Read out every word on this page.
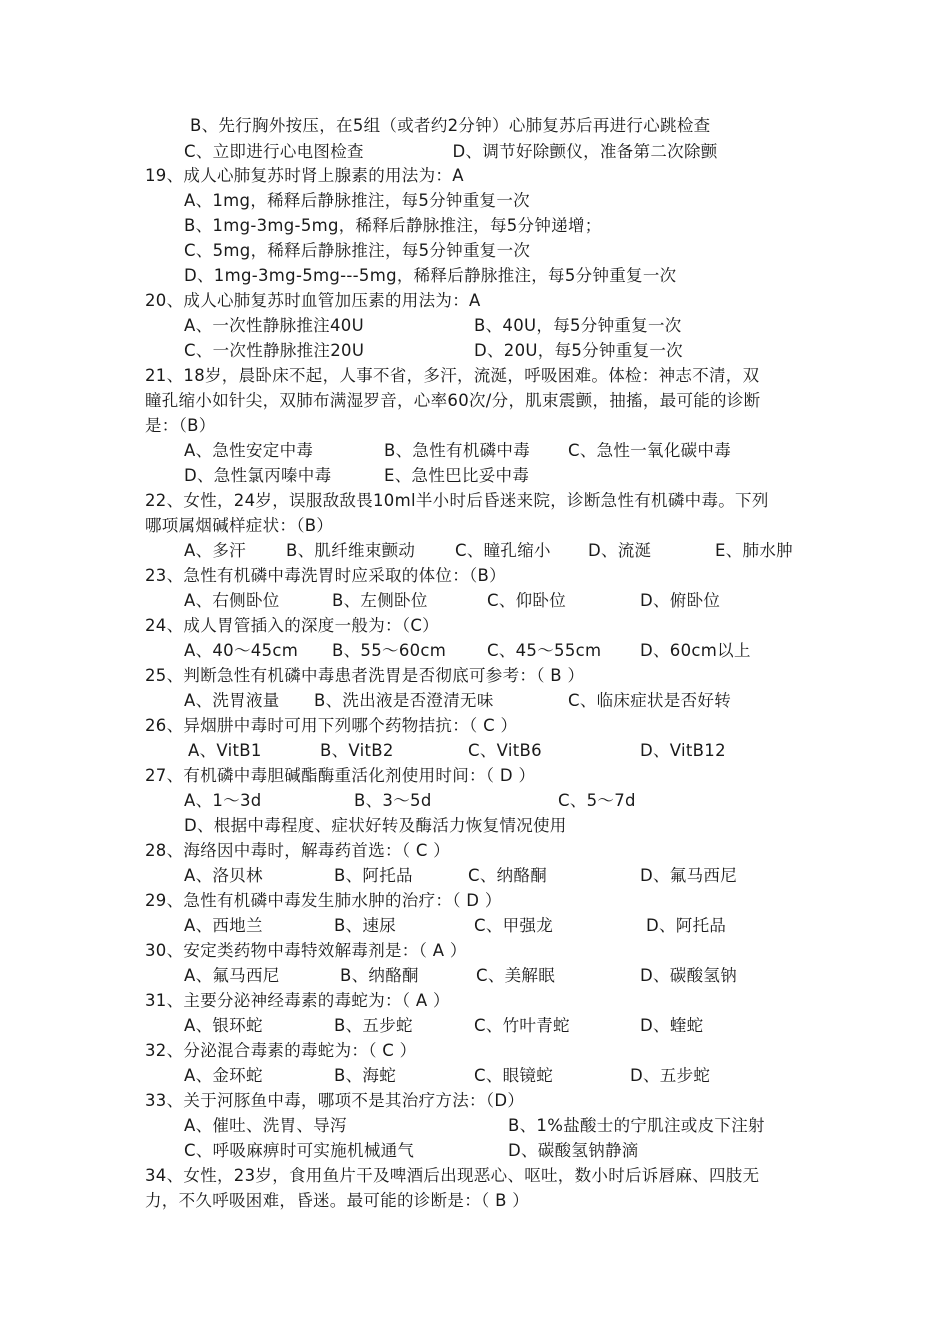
B、先行胸外按压，在5组（或者约2分钟）心肺复苏后再进行心跳检查
C、立即进行心电图检查                D、调节好除颤仪，准备第二次除颤
19、成人心肺复苏时肾上腺素的用法为：A
A、1mg，稀释后静脉推注，每5分钟重复一次
B、1mg-3mg-5mg，稀释后静脉推注，每5分钟递增；
C、5mg，稀释后静脉推注，每5分钟重复一次
D、1mg-3mg-5mg---5mg，稀释后静脉推注，每5分钟重复一次
20、成人心肺复苏时血管加压素的用法为：A
A、一次性静脉推注40U	B、40U，每5分钟重复一次
C、一次性静脉推注20U	D、20U，每5分钟重复一次
21、18岁，晨卧床不起，人事不省，多汗，流涎，呼吸困难。体检：神志不清，双
瞳孔缩小如针尖，双肺布满湿罗音，心率60次/分，肌束震颤，抽搐，最可能的诊断
是：（B）
A、急性安定中毒	B、急性有机磷中毒 C、急性一氧化碳中毒
D、急性氯丙嗪中毒	E、急性巴比妥中毒
22、女性，24岁，误服敌敌畏10ml半小时后昏迷来院，诊断急性有机磷中毒。下列
哪项属烟碱样症状：（B）
A、多汗 B、肌纤维束颤动 C、瞳孔缩小 D、流涎	E、肺水肿
23、急性有机磷中毒洗胃时应采取的体位：（B）
A、右侧卧位	B、左侧卧位	C、仰卧位	D、俯卧位
24、成人胃管插入的深度一般为：（C）
A、40～45cm B、55～60cm C、45～55cm D、60cm以上
25、判断急性有机磷中毒患者洗胃是否彻底可参考：（ B ）
A、洗胃液量 B、洗出液是否澄清无味	C、临床症状是否好转
26、异烟肼中毒时可用下列哪个药物拮抗：（ C ）
A、VitB1	B、VitB2	C、VitB6	D、VitB12
27、有机磷中毒胆碱酯酶重活化剂使用时间：（ D ）
A、1～3d	B、3～5d	C、5～7d
D、根据中毒程度、症状好转及酶活力恢复情况使用
28、海络因中毒时，解毒药首选：（ C ）
A、洛贝林	B、阿托品	C、纳酪酮	D、氟马西尼
29、急性有机磷中毒发生肺水肿的治疗：（ D ）
A、西地兰	B、速尿	C、甲强龙	D、阿托品
30、安定类药物中毒特效解毒剂是：（ A ）
A、氟马西尼	B、纳酪酮	C、美解眠	D、碳酸氢钠
31、主要分泌神经毒素的毒蛇为：（ A ）
A、银环蛇	B、五步蛇	C、竹叶青蛇	D、蝰蛇
32、分泌混合毒素的毒蛇为：（ C ）
A、金环蛇	B、海蛇	C、眼镜蛇	D、五步蛇
33、关于河豚鱼中毒，哪项不是其治疗方法：（D）
A、催吐、洗胃、导泻	B、1%盐酸士的宁肌注或皮下注射
C、呼吸麻痹时可实施机械通气	D、碳酸氢钠静滴
34、女性，23岁，食用鱼片干及啤酒后出现恶心、呕吐，数小时后诉唇麻、四肢无
力，不久呼吸困难，昏迷。最可能的诊断是：（ B ）
